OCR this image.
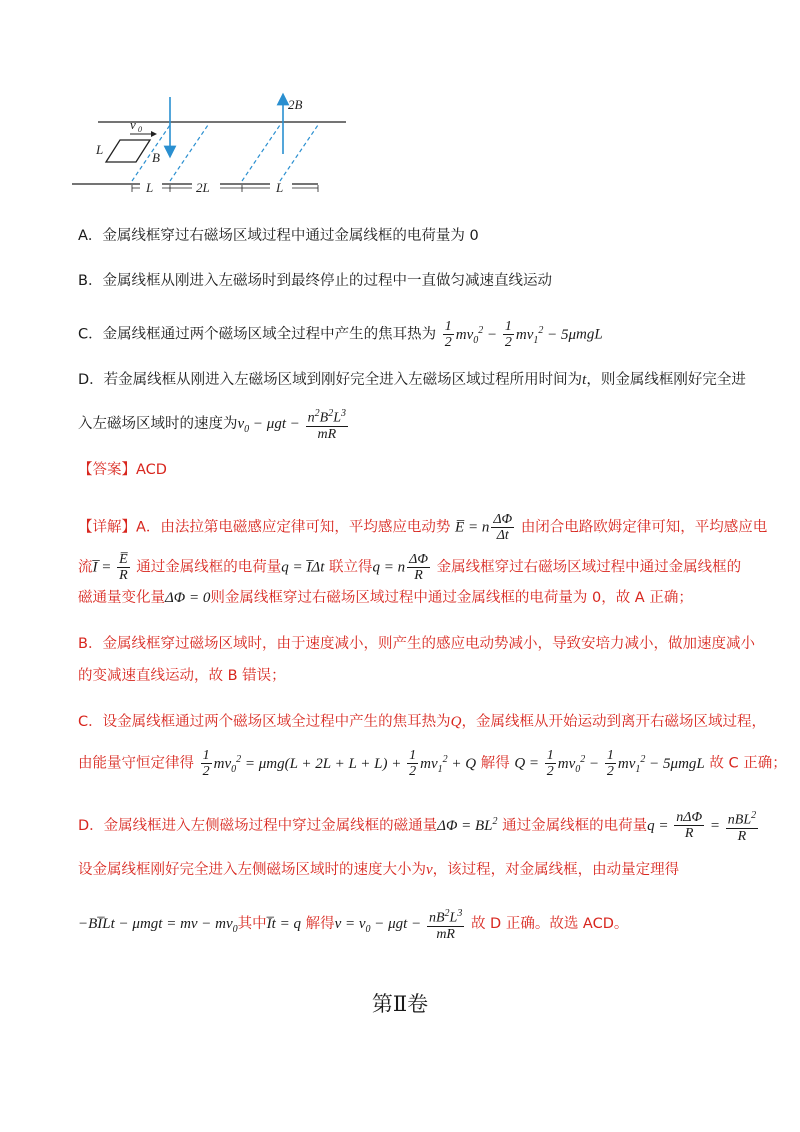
v 0
L
B
2B
L	2L	L
A．金属线框穿过右磁场区域过程中通过金属线框的电荷量为 0
B．金属线框从刚进入左磁场时到最终停止的过程中一直做匀减速直线运动
C．金属线框通过两个磁场区域全过程中产生的焦耳热为 $\frac{1}{2} mv_0^2 - \frac{1}{2} mv_1^2 - 5\mu mgL$
D．若金属线框从刚进入左磁场区域到刚好完全进入左磁场区域过程所用时间为t，则金属线框刚好完全进
入左磁场区域时的速度为$v_0 - \mu gt - \frac{n^2B^2L^3}{mR}$
【答案】ACD
【详解】A．由法拉第电磁感应定律可知，平均感应电动势 E̅ = n $\frac{\Delta\Phi}{\Delta t}$ 由闭合电路欧姆定律可知，平均感应电
流I̅ = $\frac{E̅}{R}$ 通过金属线框的电荷量q = I̅Δt 联立得q = n $\frac{\Delta\Phi}{R}$ 金属线框穿过右磁场区域过程中通过金属线框的
磁通量变化量ΔΦ = 0则金属线框穿过右磁场区域过程中通过金属线框的电荷量为 0，故 A 正确；
B．金属线框穿过磁场区域时，由于速度减小，则产生的感应电动势减小，导致安培力减小，做加速度减小
的变减速直线运动，故 B 错误；
C．设金属线框通过两个磁场区域全过程中产生的焦耳热为Q，金属线框从开始运动到离开右磁场区域过程，
由能量守恒定律得 $\frac{1}{2} mv_0^2 = \mu mg(L + 2L + L + L) + \frac{1}{2} mv_1^2 + Q$ 解得 $Q = \frac{1}{2} mv_0^2 - \frac{1}{2} mv_1^2 - 5\mu mgL$ 故 C 正确；
D．金属线框进入左侧磁场过程中穿过金属线框的磁通量$\Delta\Phi = BL^2$ 通过金属线框的电荷量$q = \frac{\text{nΔΦ}}{R} = \frac{nBL^2}{R}$
设金属线框刚好完全进入左侧磁场区域时的速度大小为v，该过程，对金属线框，由动量定理得
−BI̅Lt − μmgt = mv − $mv_0$其中I̅t = q 解得$v = v_0 - \mu gt - \frac{nB^2L^3}{mR}$ 故 D 正确。故选 ACD。
第Ⅱ卷
